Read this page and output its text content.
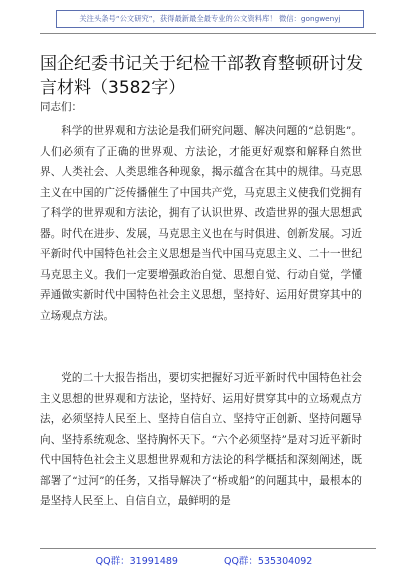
关注头条号“公文研究”，获得最新最全最专业的公文资料库！ 微信：gongwenyj
国企纪委书记关于纪检干部教育整顿研讨发言材料（3582字）
同志们：

科学的世界观和方法论是我们研究问题、解决问题的“总钥匙”。人们必须有了正确的世界观、方法论，才能更好观察和解释自然世界、人类社会、人类思维各种现象，揭示蕴含在其中的规律。马克思主义在中国的广泛传播催生了中国共产党，马克思主义使我们党拥有了科学的世界观和方法论，拥有了认识世界、改造世界的强大思想武器。时代在进步、发展，马克思主义也在与时俱进、创新发展。习近平新时代中国特色社会主义思想是当代中国马克思主义、二十一世纪马克思主义。我们一定要增强政治自觉、思想自觉、行动自觉，学懂弄通做实新时代中国特色社会主义思想，坚持好、运用好贯穿其中的立场观点方法。

党的二十大报告指出，要切实把握好习近平新时代中国特色社会主义思想的世界观和方法论，坚持好、运用好贯穿其中的立场观点方法，必须坚持人民至上、坚持自信自立、坚持守正创新、坚持问题导向、坚持系统观念、坚持胸怀天下。“六个必须坚持”是对习近平新时代中国特色社会主义思想世界观和方法论的科学概括和深刻阐述，既部署了“过河”的任务，又指导解决了“桥或船”的问题其中，最根本的是坚持人民至上、自信自立，最鲜明的是

QQ群：31991489	QQ群：535304092
